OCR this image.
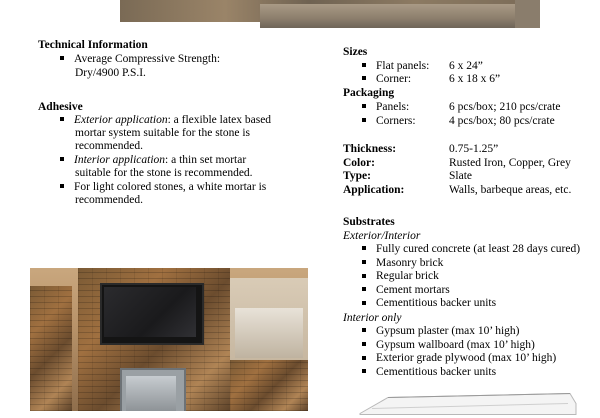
Technical Information
Average Compressive Strength:
Dry/4900 P.S.I.
Adhesive
Exterior application: a flexible latex based
mortar system suitable for the stone is
recommended.
Interior application: a thin set mortar
suitable for the stone is recommended.
For light colored stones, a white mortar is
recommended.
Sizes
Flat panels: 6 x 24”
Corner:	6 x 18 x 6”
Packaging
Panels:	6 pcs/box; 210 pcs/crate
Corners:	4 pcs/box; 80 pcs/crate
Thickness:	0.75-1.25”
Color:	Rusted Iron, Copper, Grey
Type:	Slate
Application:	Walls, barbeque areas, etc.
Substrates
Exterior/Interior
Fully cured concrete (at least 28 days cured)
Masonry brick
Regular brick
Cement mortars
Cementitious backer units
Interior only
Gypsum plaster (max 10’ high)
Gypsum wallboard (max 10’ high)
Exterior grade plywood (max 10’ high)
Cementitious backer units
